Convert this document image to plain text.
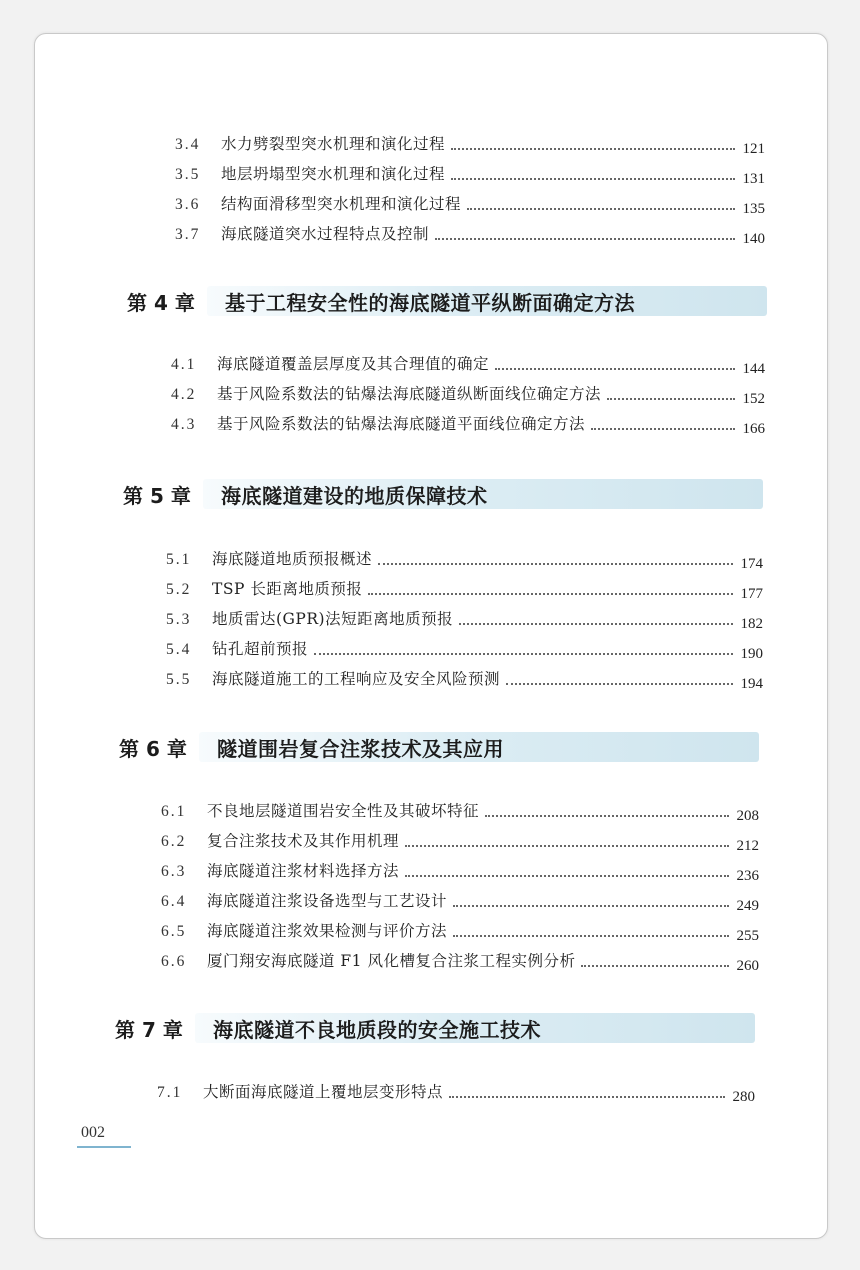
3.4	水力劈裂型突水机理和演化过程	121
3.5	地层坍塌型突水机理和演化过程	131
3.6	结构面滑移型突水机理和演化过程	135
3.7	海底隧道突水过程特点及控制	140
第 4 章	基于工程安全性的海底隧道平纵断面确定方法
4.1	海底隧道覆盖层厚度及其合理值的确定	144
4.2	基于风险系数法的钻爆法海底隧道纵断面线位确定方法	152
4.3	基于风险系数法的钻爆法海底隧道平面线位确定方法	166
第 5 章	海底隧道建设的地质保障技术
5.1	海底隧道地质预报概述	174
5.2	TSP 长距离地质预报	177
5.3	地质雷达(GPR)法短距离地质预报	182
5.4	钻孔超前预报	190
5.5	海底隧道施工的工程响应及安全风险预测	194
第 6 章	隧道围岩复合注浆技术及其应用
6.1	不良地层隧道围岩安全性及其破坏特征	208
6.2	复合注浆技术及其作用机理	212
6.3	海底隧道注浆材料选择方法	236
6.4	海底隧道注浆设备选型与工艺设计	249
6.5	海底隧道注浆效果检测与评价方法	255
6.6	厦门翔安海底隧道 F1 风化槽复合注浆工程实例分析	260
第 7 章	海底隧道不良地质段的安全施工技术
7.1	大断面海底隧道上覆地层变形特点	280
002
